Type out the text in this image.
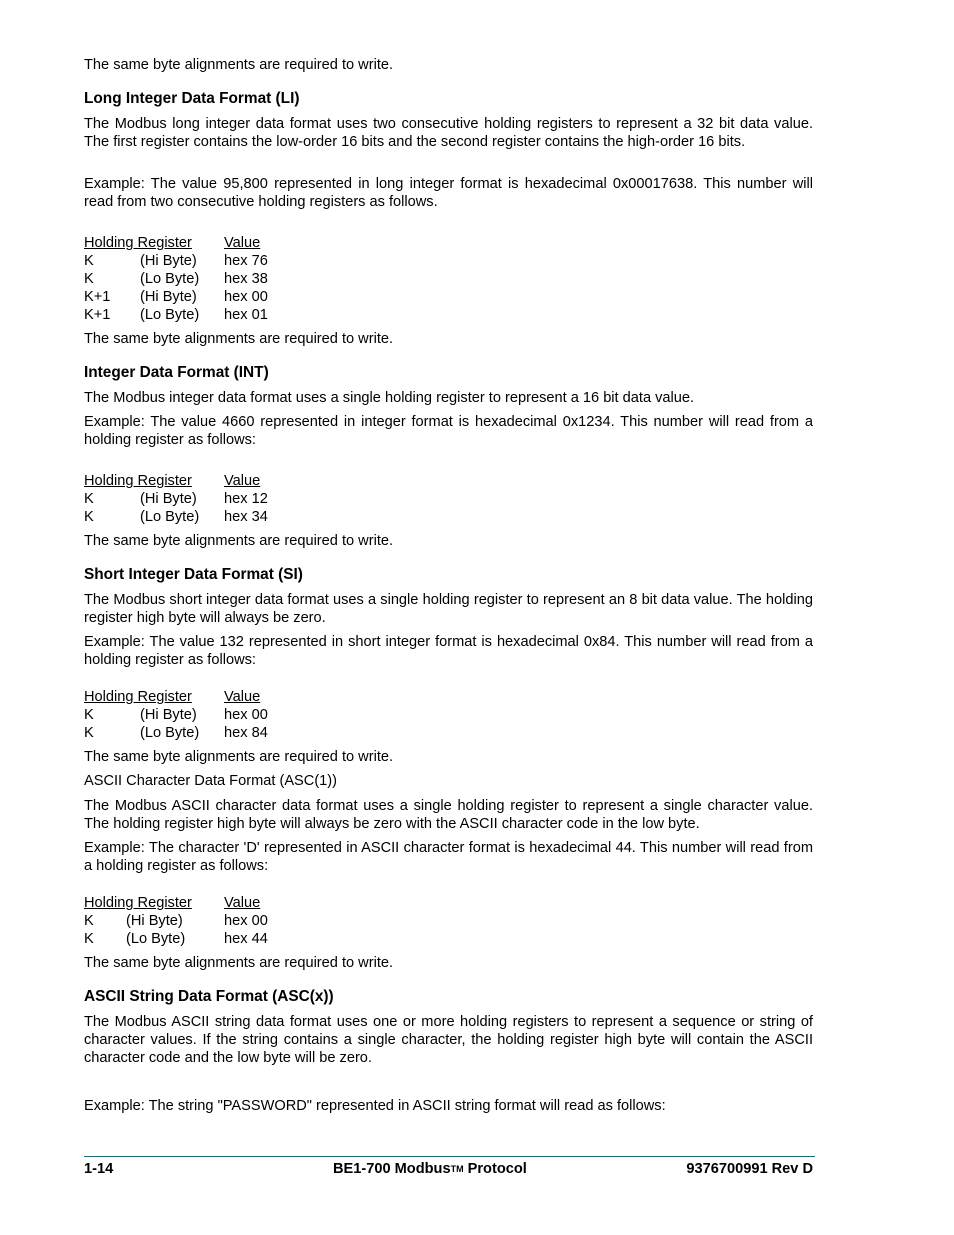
The same byte alignments are required to write.

Long Integer Data Format (LI)

The Modbus long integer data format uses two consecutive holding registers to represent a 32 bit data value. The first register contains the low-order 16 bits and the second register contains the high-order 16 bits.

Example: The value 95,800 represented in long integer format is hexadecimal 0x00017638. This number will read from two consecutive holding registers as follows.

Holding Register Value
K	(Hi Byte) hex 76
K	(Lo Byte) hex 38
K+1 (Hi Byte) hex 00
K+1 (Lo Byte) hex 01

The same byte alignments are required to write.

Integer Data Format (INT)

The Modbus integer data format uses a single holding register to represent a 16 bit data value.

Example: The value 4660 represented in integer format is hexadecimal 0x1234. This number will read from a holding register as follows:

Holding Register Value
K	(Hi Byte) hex 12
K	(Lo Byte) hex 34

The same byte alignments are required to write.

Short Integer Data Format (SI)

The Modbus short integer data format uses a single holding register to represent an 8 bit data value. The holding register high byte will always be zero.

Example: The value 132 represented in short integer format is hexadecimal 0x84. This number will read from a holding register as follows:

Holding Register Value
K	(Hi Byte) hex 00
K	(Lo Byte) hex 84

The same byte alignments are required to write.

ASCII Character Data Format (ASC(1))

The Modbus ASCII character data format uses a single holding register to represent a single character value. The holding register high byte will always be zero with the ASCII character code in the low byte.

Example: The character 'D' represented in ASCII character format is hexadecimal 44. This number will read from a holding register as follows:

Holding Register Value
K (Hi Byte)	hex 00
K (Lo Byte)	hex 44

The same byte alignments are required to write.

ASCII String Data Format (ASC(x))

The Modbus ASCII string data format uses one or more holding registers to represent a sequence or string of character values. If the string contains a single character, the holding register high byte will contain the ASCII character code and the low byte will be zero.

Example: The string "PASSWORD" represented in ASCII string format will read as follows:

1-14	BE1-700 ModbusTM Protocol	9376700991 Rev D
